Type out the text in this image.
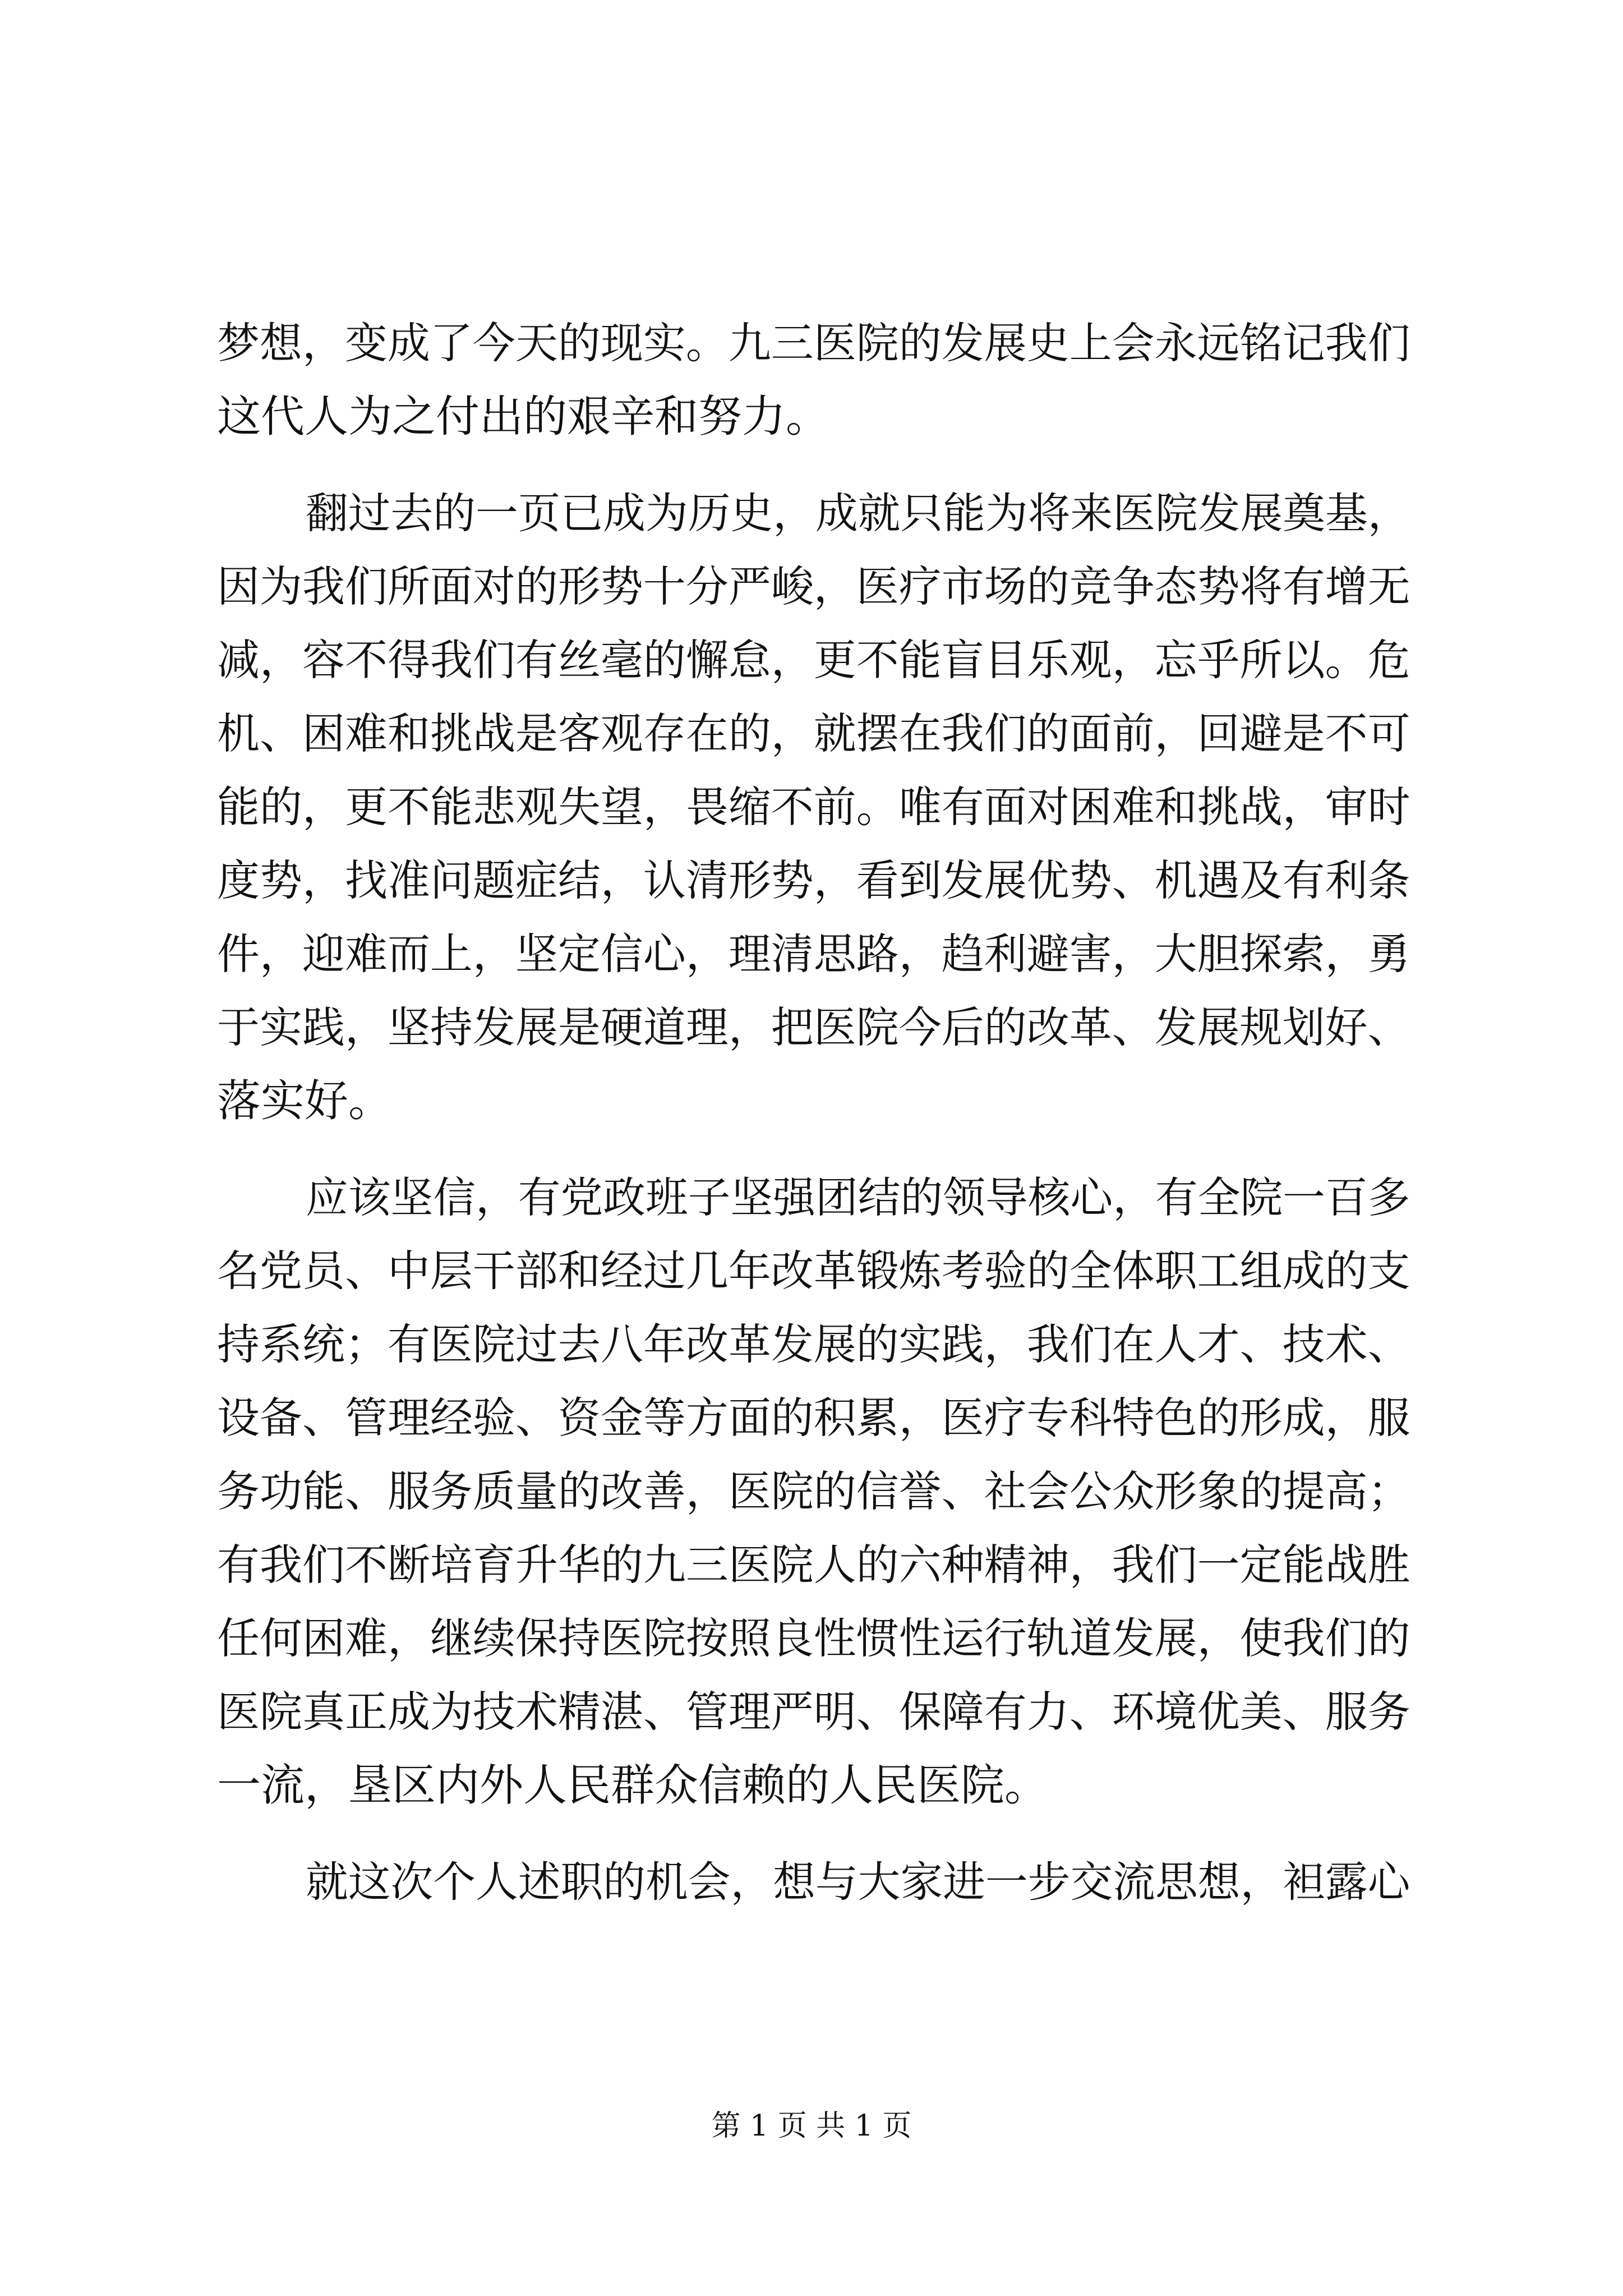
梦想，变成了今天的现实。九三医院的发展史上会永远铭记我们
这代人为之付出的艰辛和努力。
翻过去的一页已成为历史，成就只能为将来医院发展奠基，
因为我们所面对的形势十分严峻，医疗市场的竞争态势将有增无
减，容不得我们有丝毫的懈怠，更不能盲目乐观，忘乎所以。危
机、困难和挑战是客观存在的，就摆在我们的面前，回避是不可
能的，更不能悲观失望，畏缩不前。唯有面对困难和挑战，审时
度势，找准问题症结，认清形势，看到发展优势、机遇及有利条
件，迎难而上，坚定信心，理清思路，趋利避害，大胆探索，勇
于实践，坚持发展是硬道理，把医院今后的改革、发展规划好、
落实好。
应该坚信，有党政班子坚强团结的领导核心，有全院一百多
名党员、中层干部和经过几年改革锻炼考验的全体职工组成的支
持系统；有医院过去八年改革发展的实践，我们在人才、技术、
设备、管理经验、资金等方面的积累，医疗专科特色的形成，服
务功能、服务质量的改善，医院的信誉、社会公众形象的提高；
有我们不断培育升华的九三医院人的六种精神，我们一定能战胜
任何困难，继续保持医院按照良性惯性运行轨道发展，使我们的
医院真正成为技术精湛、管理严明、保障有力、环境优美、服务
一流，垦区内外人民群众信赖的人民医院。
就这次个人述职的机会，想与大家进一步交流思想，袒露心
第 1 页 共 1 页
